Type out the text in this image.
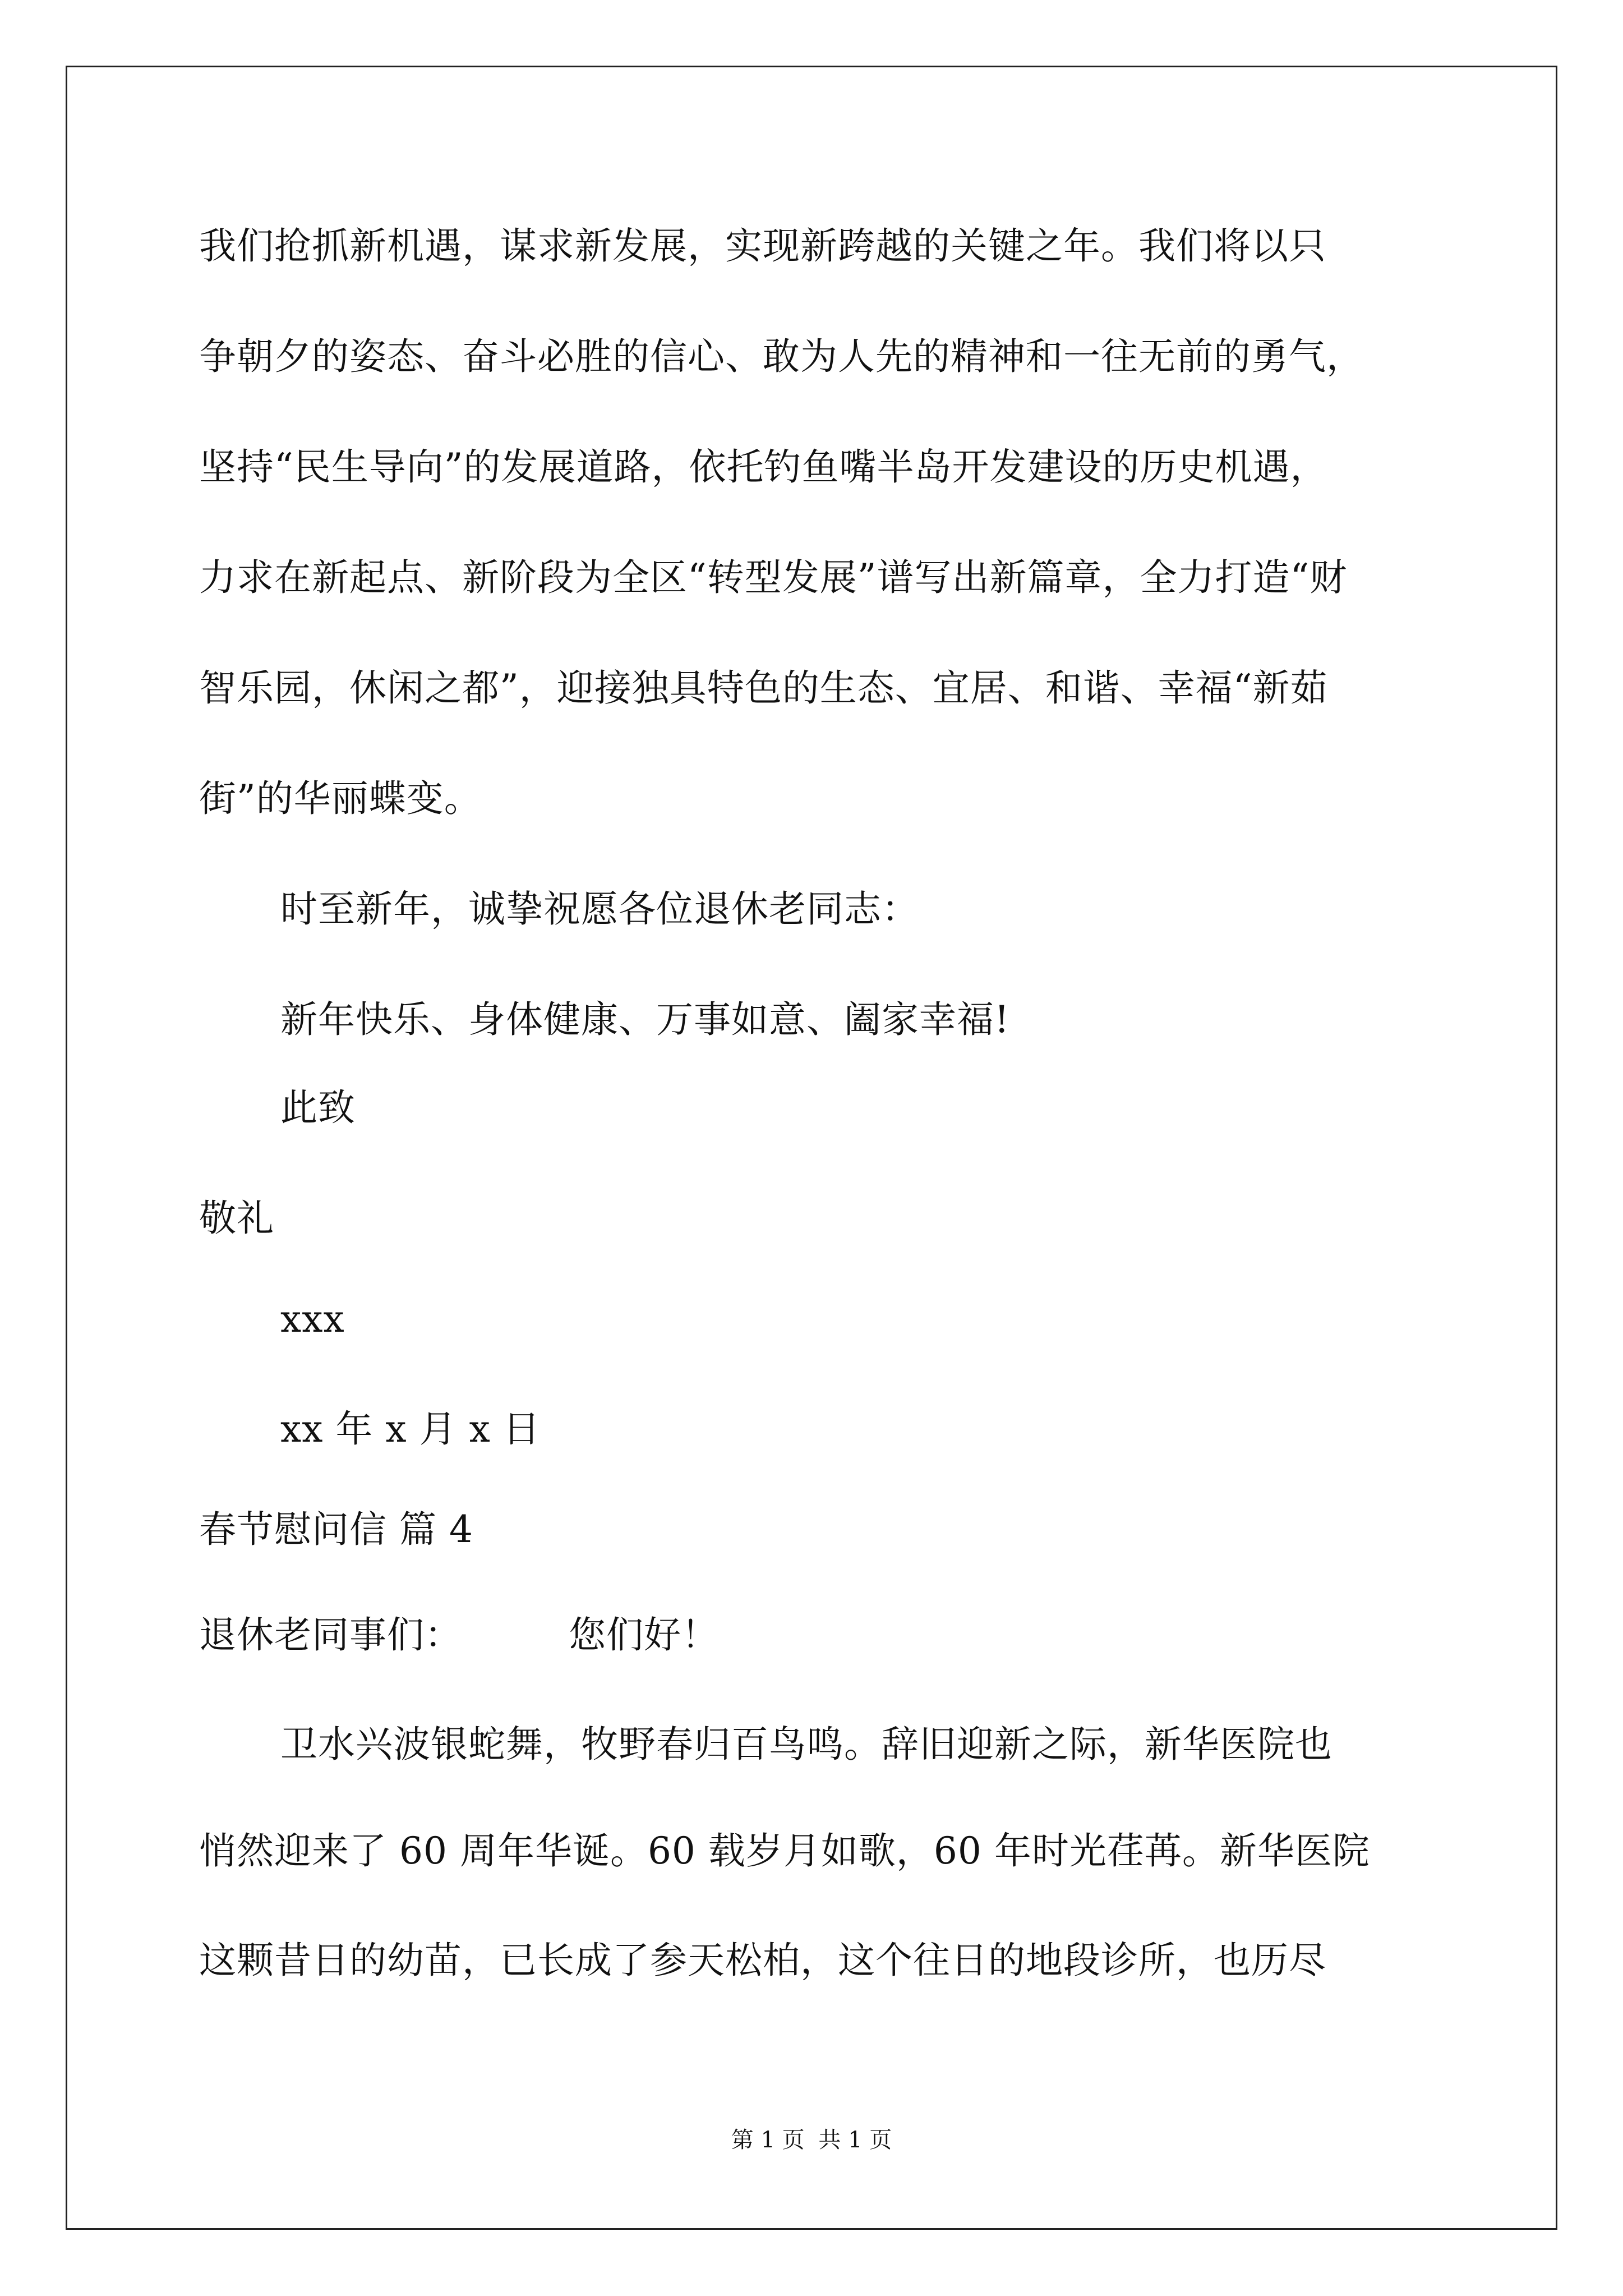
我们抢抓新机遇，谋求新发展，实现新跨越的关键之年。我们将以只
争朝夕的姿态、奋斗必胜的信心、敢为人先的精神和一往无前的勇气，
坚持“民生导向”的发展道路，依托钓鱼嘴半岛开发建设的历史机遇，
力求在新起点、新阶段为全区“转型发展”谱写出新篇章，全力打造“财
智乐园，休闲之都”，迎接独具特色的生态、宜居、和谐、幸福“新茹
街”的华丽蝶变。
时至新年，诚挚祝愿各位退休老同志：
新年快乐、身体健康、万事如意、阖家幸福!
此致
敬礼
xxx
xx 年 x 月 x 日
春节慰问信 篇 4
退休老同事们：	您们好！
卫水兴波银蛇舞，牧野春归百鸟鸣。辞旧迎新之际，新华医院也
悄然迎来了 60 周年华诞。60 载岁月如歌，60 年时光荏苒。新华医院
这颗昔日的幼苗，已长成了参天松柏，这个往日的地段诊所，也历尽
第 1 页 共 1 页
